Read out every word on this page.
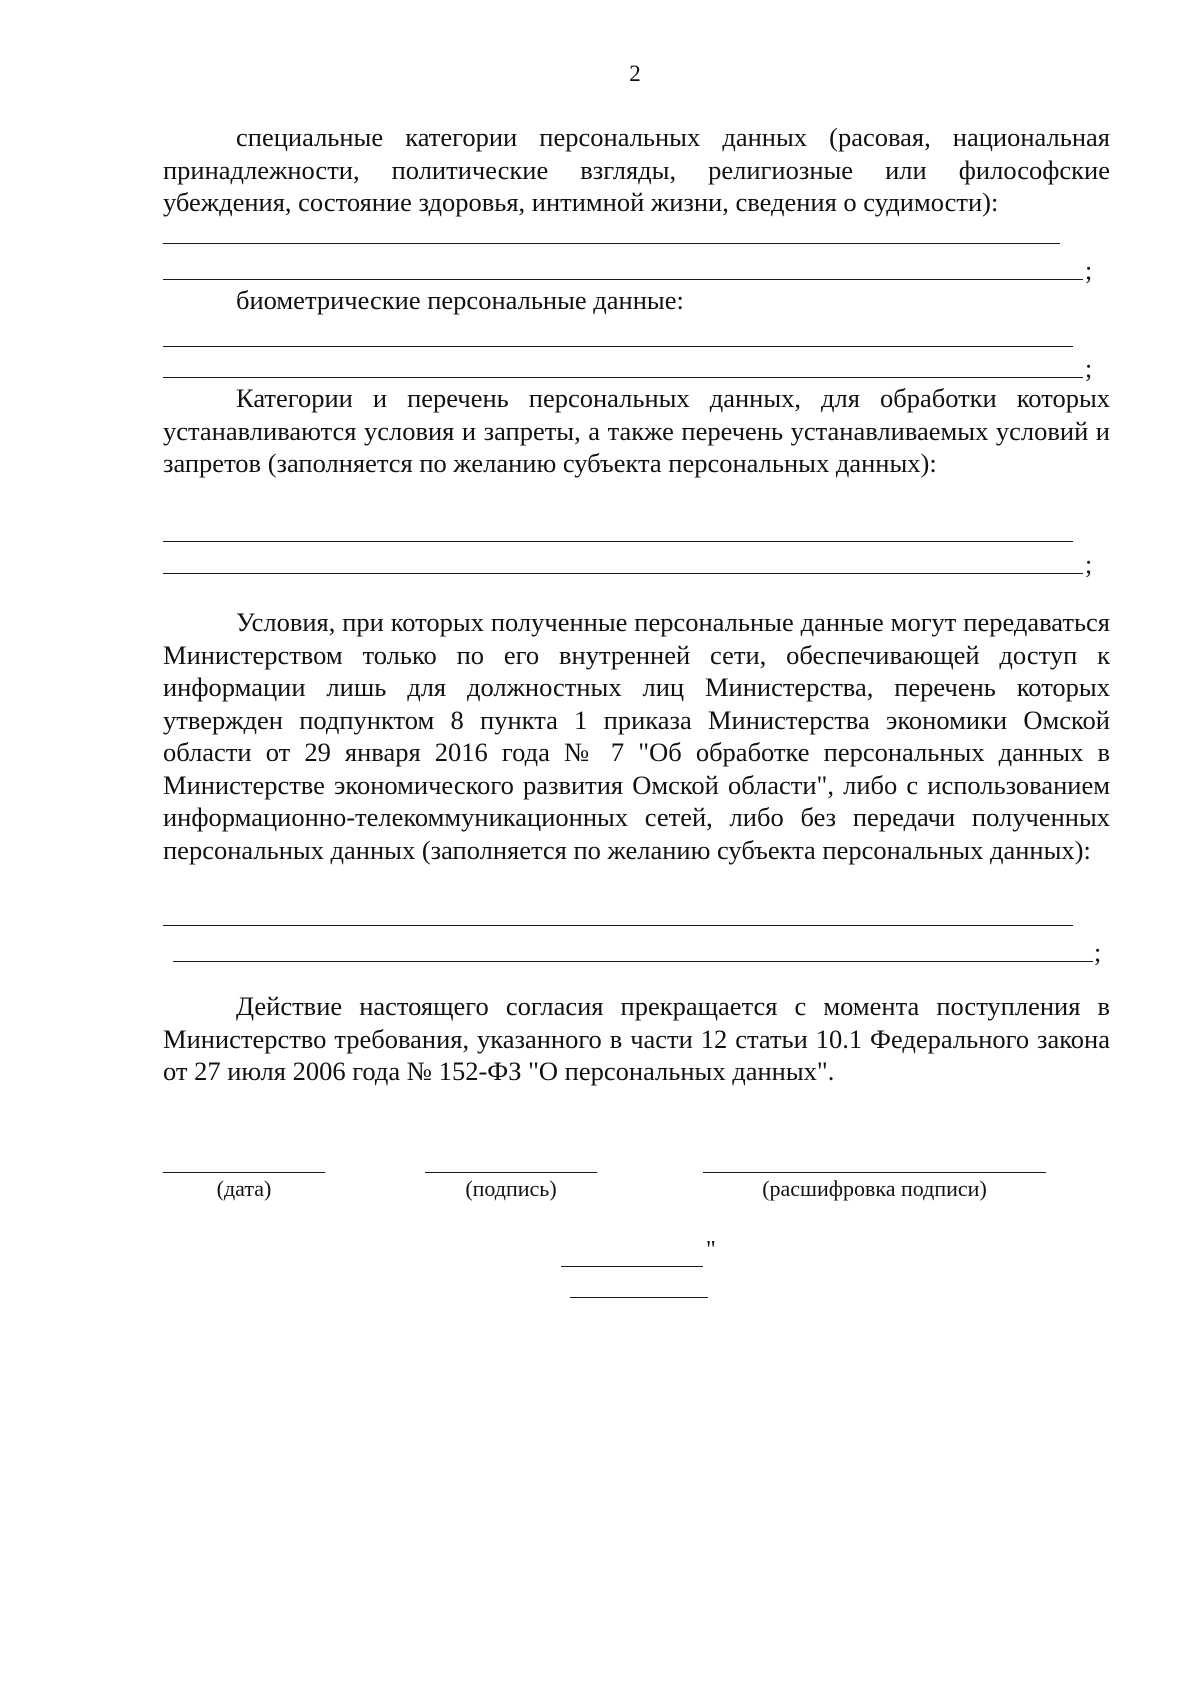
2

специальные категории персональных данных (расовая, национальная принадлежности, политические взгляды, религиозные или философские убеждения, состояние здоровья, интимной жизни, сведения о судимости):

;

биометрические персональные данные:

;

Категории и перечень персональных данных, для обработки которых устанавливаются условия и запреты, а также перечень устанавливаемых условий и запретов (заполняется по желанию субъекта персональных данных):

;

Условия, при которых полученные персональные данные могут передаваться Министерством только по его внутренней сети, обеспечивающей доступ к информации лишь для должностных лиц Министерства, перечень которых утвержден подпунктом 8 пункта 1 приказа Министерства экономики Омской области от 29 января 2016 года № 7 "Об обработке персональных данных в Министерстве экономического развития Омской области", либо с использованием информационно-телекоммуникационных сетей, либо без передачи полученных персональных данных (заполняется по желанию субъекта персональных данных):

;

Действие настоящего согласия прекращается с момента поступления в Министерство требования, указанного в части 12 статьи 10.1 Федерального закона от 27 июля 2006 года № 152-ФЗ "О персональных данных".

(дата)	(подпись)	(расшифровка подписи)
"
